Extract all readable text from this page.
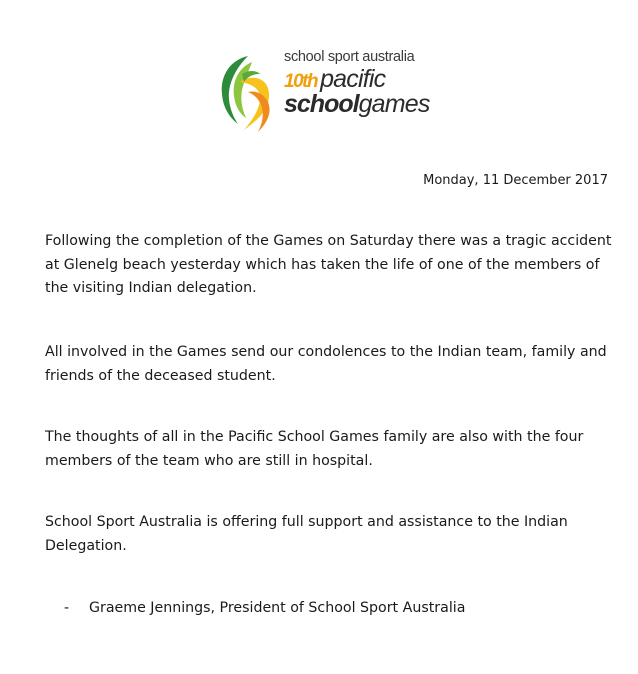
school sport australia
10th pacific
schoolgames
Monday, 11 December 2017

Following the completion of the Games on Saturday there was a tragic accident at Glenelg beach yesterday which has taken the life of one of the members of the visiting Indian delegation.

All involved in the Games send our condolences to the Indian team, family and friends of the deceased student.

The thoughts of all in the Pacific School Games family are also with the four members of the team who are still in hospital.

School Sport Australia is offering full support and assistance to the Indian Delegation.

- Graeme Jennings, President of School Sport Australia
